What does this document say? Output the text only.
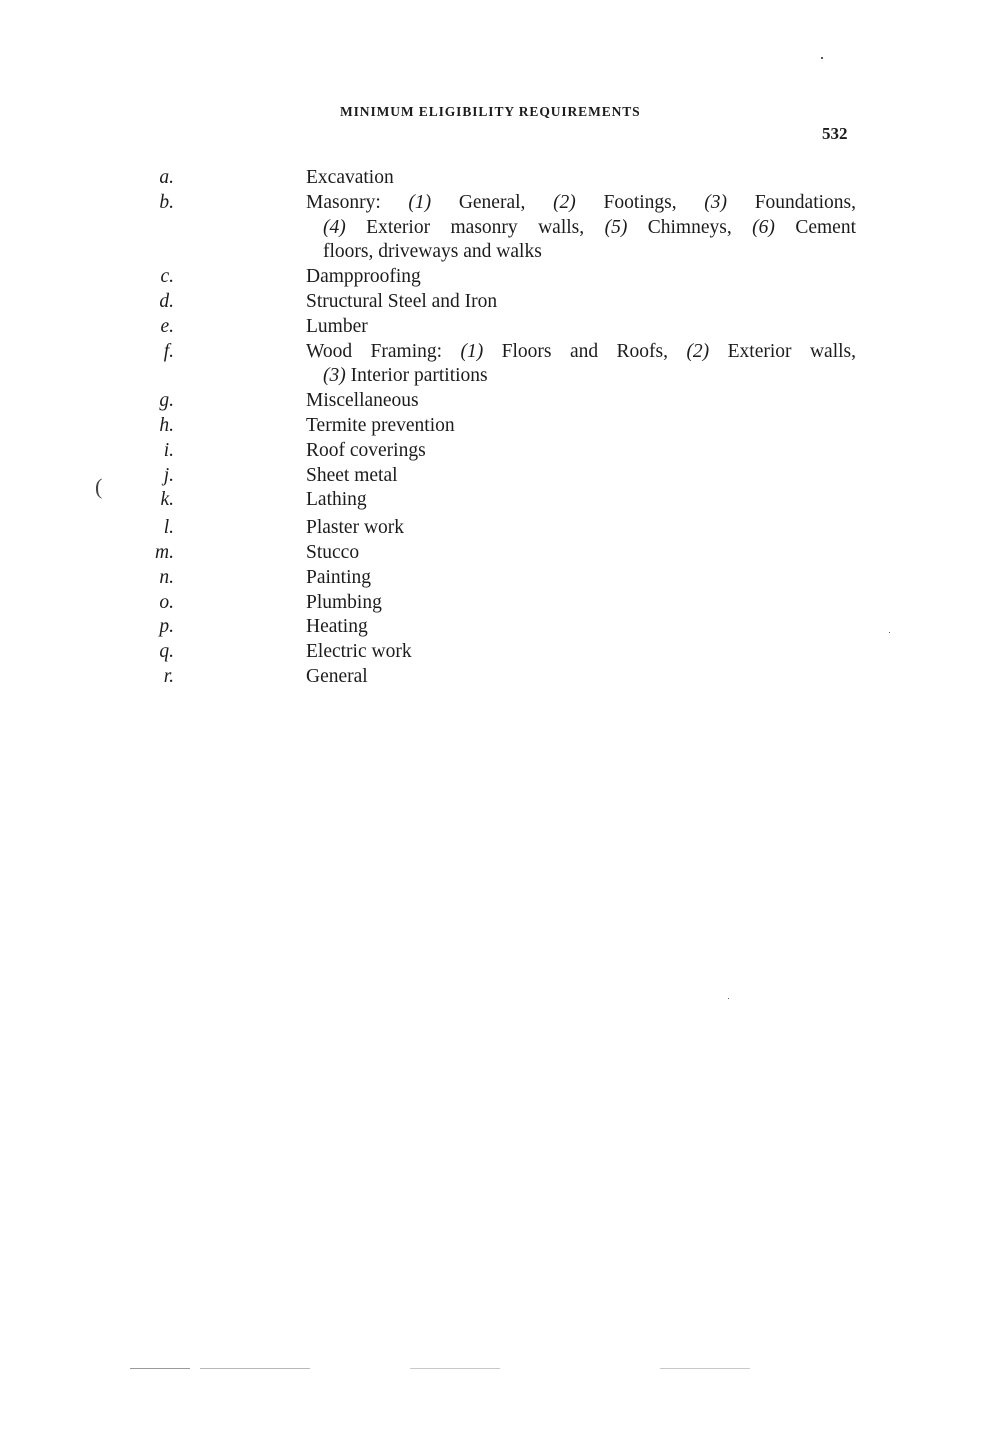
MINIMUM ELIGIBILITY REQUIREMENTS
532
a.	Excavation
b.	Masonry: (1) General, (2) Footings, (3) Foundations,
(4) Exterior masonry walls, (5) Chimneys, (6) Cement
floors, driveways and walks
c.	Dampproofing
d.	Structural Steel and Iron
e.	Lumber
f.	Wood Framing: (1) Floors and Roofs, (2) Exterior walls,
(3) Interior partitions
g.	Miscellaneous
h.	Termite prevention
i.	Roof coverings
j.	Sheet metal
k.	Lathing
l.	Plaster work
m.	Stucco
n.	Painting
o.	Plumbing
p.	Heating
q.	Electric work
r.	General
(
